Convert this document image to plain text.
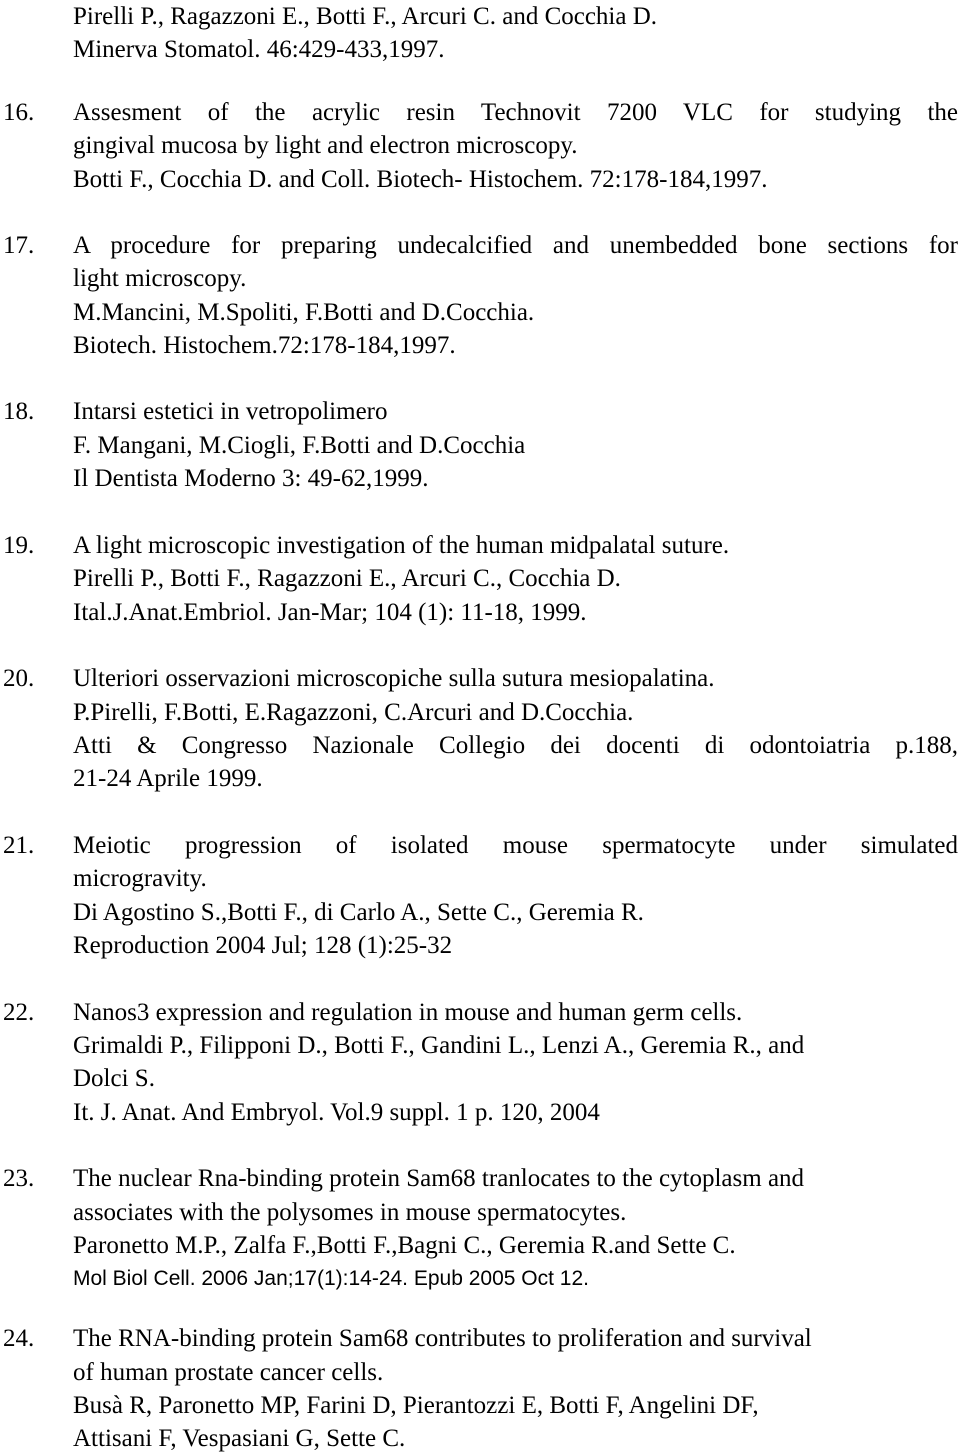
Pirelli P., Ragazzoni E., Botti F., Arcuri C. and Cocchia D.
Minerva Stomatol. 46:429-433,1997.
16. Assesment of the acrylic resin Technovit 7200 VLC for studying the
gingival mucosa by light and electron microscopy.
Botti F., Cocchia D. and Coll. Biotech- Histochem. 72:178-184,1997.
17. A procedure for preparing undecalcified and unembedded bone sections for
light microscopy.
M.Mancini, M.Spoliti, F.Botti and D.Cocchia.
Biotech. Histochem.72:178-184,1997.
18. Intarsi estetici in vetropolimero
F. Mangani, M.Ciogli, F.Botti and D.Cocchia
Il Dentista Moderno 3: 49-62,1999.
19. A light microscopic investigation of the human midpalatal suture.
Pirelli P., Botti F., Ragazzoni E., Arcuri C., Cocchia D.
Ital.J.Anat.Embriol. Jan-Mar; 104 (1): 11-18, 1999.
20. Ulteriori osservazioni microscopiche sulla sutura mesiopalatina.
P.Pirelli, F.Botti, E.Ragazzoni, C.Arcuri and D.Cocchia.
Atti & Congresso Nazionale Collegio dei docenti di odontoiatria p.188,
21-24 Aprile 1999.
21. Meiotic progression of isolated mouse spermatocyte under simulated
microgravity.
Di Agostino S.,Botti F., di Carlo A., Sette C., Geremia R.
Reproduction 2004 Jul; 128 (1):25-32
22. Nanos3 expression and regulation in mouse and human germ cells.
Grimaldi P., Filipponi D., Botti F., Gandini L., Lenzi A., Geremia R., and
Dolci S.
It. J. Anat. And Embryol. Vol.9 suppl. 1 p. 120, 2004
23. The nuclear Rna-binding protein Sam68 tranlocates to the cytoplasm and
associates with the polysomes in mouse spermatocytes.
Paronetto M.P., Zalfa F.,Botti F.,Bagni C., Geremia R.and Sette C.
Mol Biol Cell. 2006 Jan;17(1):14-24. Epub 2005 Oct 12.
24. The RNA-binding protein Sam68 contributes to proliferation and survival
of human prostate cancer cells.
Busà R, Paronetto MP, Farini D, Pierantozzi E, Botti F, Angelini DF,
Attisani F, Vespasiani G, Sette C.
